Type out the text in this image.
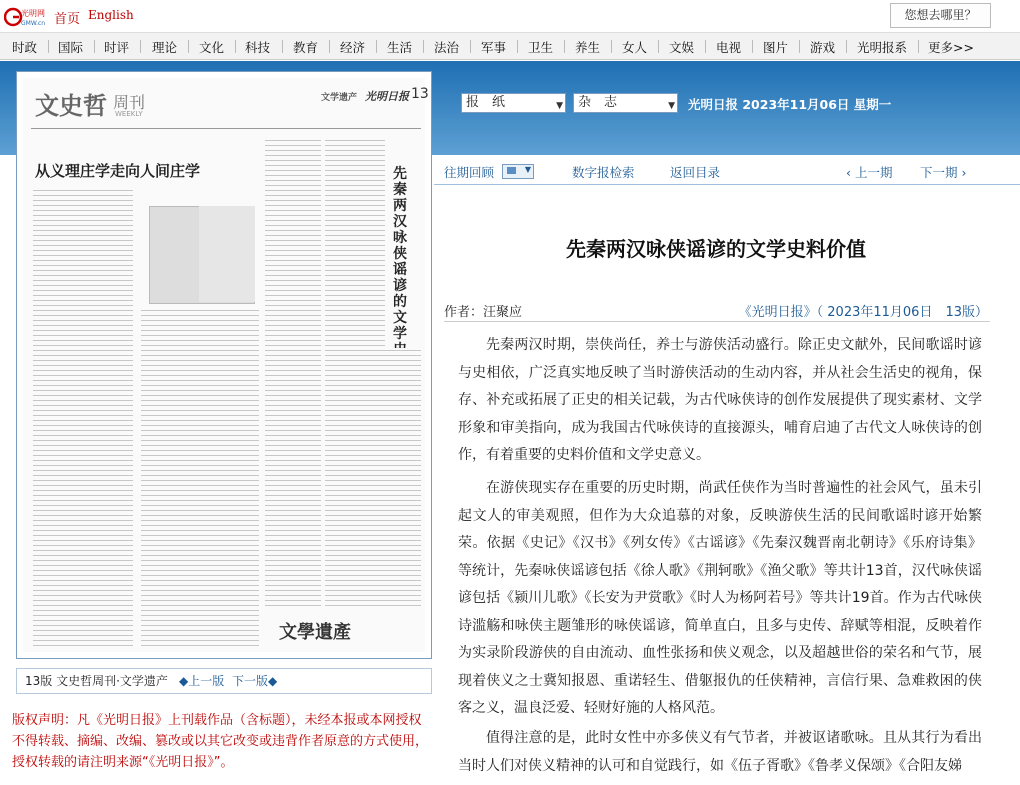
光明网
GMW.cn 首页 English	您想去哪里？
时政 国际 时评 理论 文化 科技 教育 经济 生活 法治 军事 卫生 养生 女人 文娱 电视 图片 游戏 光明报系 更多>>
报　纸	▼	杂　志	▼ 光明日报 2023年11月06日 星期一
文史哲 周刊
WEEKLY
文学遗产 光明日报 13
从义理庄学走向人间庄学	先秦两汉咏侠谣谚的文学
文學遺產
13版 文史哲周刊·文学遗产 ◆上一版 下一版◆
版权声明：凡《光明日报》上刊载作品（含标题），未经本报或本网授权不得转载、摘编、改编、篡改或以其它改变或违背作者原意的方式使用，授权转载的请注明来源“《光明日报》”。
往期回顾	▼	数字报检索	返回目录	‹ 上一期 下一期 ›
先秦两汉咏侠谣谚的文学史料价值
作者：汪聚应	《光明日报》（ 2023年11月06日　13版）
先秦两汉时期，崇侠尚任，养士与游侠活动盛行。除正史文献外，民间歌谣时谚与史相依，广泛真实地反映了当时游侠活动的生动内容，并从社会生活史的视角，保存、补充或拓展了正史的相关记载，为古代咏侠诗的创作发展提供了现实素材、文学形象和审美指向，成为我国古代咏侠诗的直接源头，哺育启迪了古代文人咏侠诗的创作，有着重要的史料价值和文学史意义。
在游侠现实存在重要的历史时期，尚武任侠作为当时普遍性的社会风气，虽未引起文人的审美观照，但作为大众追慕的对象，反映游侠生活的民间歌谣时谚开始繁荣。依据《史记》《汉书》《列女传》《古谣谚》《先秦汉魏晋南北朝诗》《乐府诗集》等统计，先秦咏侠谣谚包括《徐人歌》《荆轲歌》《渔父歌》等共计13首，汉代咏侠谣谚包括《颍川儿歌》《长安为尹赏歌》《时人为杨阿若号》等共计19首。作为古代咏侠诗滥觞和咏侠主题雏形的咏侠谣谚，简单直白，且多与史传、辞赋等相混，反映着作为实录阶段游侠的自由流动、血性张扬和侠义观念，以及超越世俗的荣名和气节，展现着侠义之士冀知报恩、重诺轻生、借躯报仇的任侠精神，言信行果、急难救困的侠客之义，温良泛爱、轻财好施的人格风范。
值得注意的是，此时女性中亦多侠义有气节者，并被讴诸歌咏。且从其行为看出当时人们对侠义精神的认可和自觉践行，如《伍子胥歌》《鲁孝义保颂》《合阳友娣
